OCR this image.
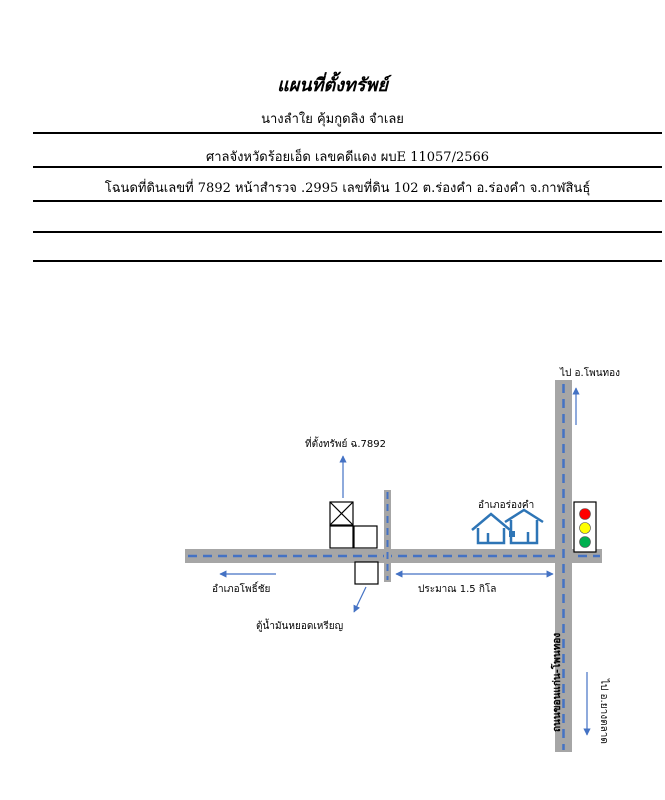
แผนที่ตั้งทรัพย์
นางลำใย คุ้มกูดลิง จำเลย
ศาลจังหวัดร้อยเอ็ด เลขคดีแดง ผบE 11057/2566
โฉนดที่ดินเลขที่ 7892 หน้าสำรวจ .2995 เลขที่ดิน 102 ต.ร่องคำ อ.ร่องคำ จ.กาฬสินธุ์
ที่ตั้งทรัพย์ ฉ.7892
อำเภอร่องคำ
อำเภอโพธิ์ชัย
ตู้น้ำมันหยอดเหรียญ
ประมาณ 1.5 กิโล
ไป อ.โพนทอง
ไป อ.ยางตลาด
ถนนขอนแก่น-โพนทอง
